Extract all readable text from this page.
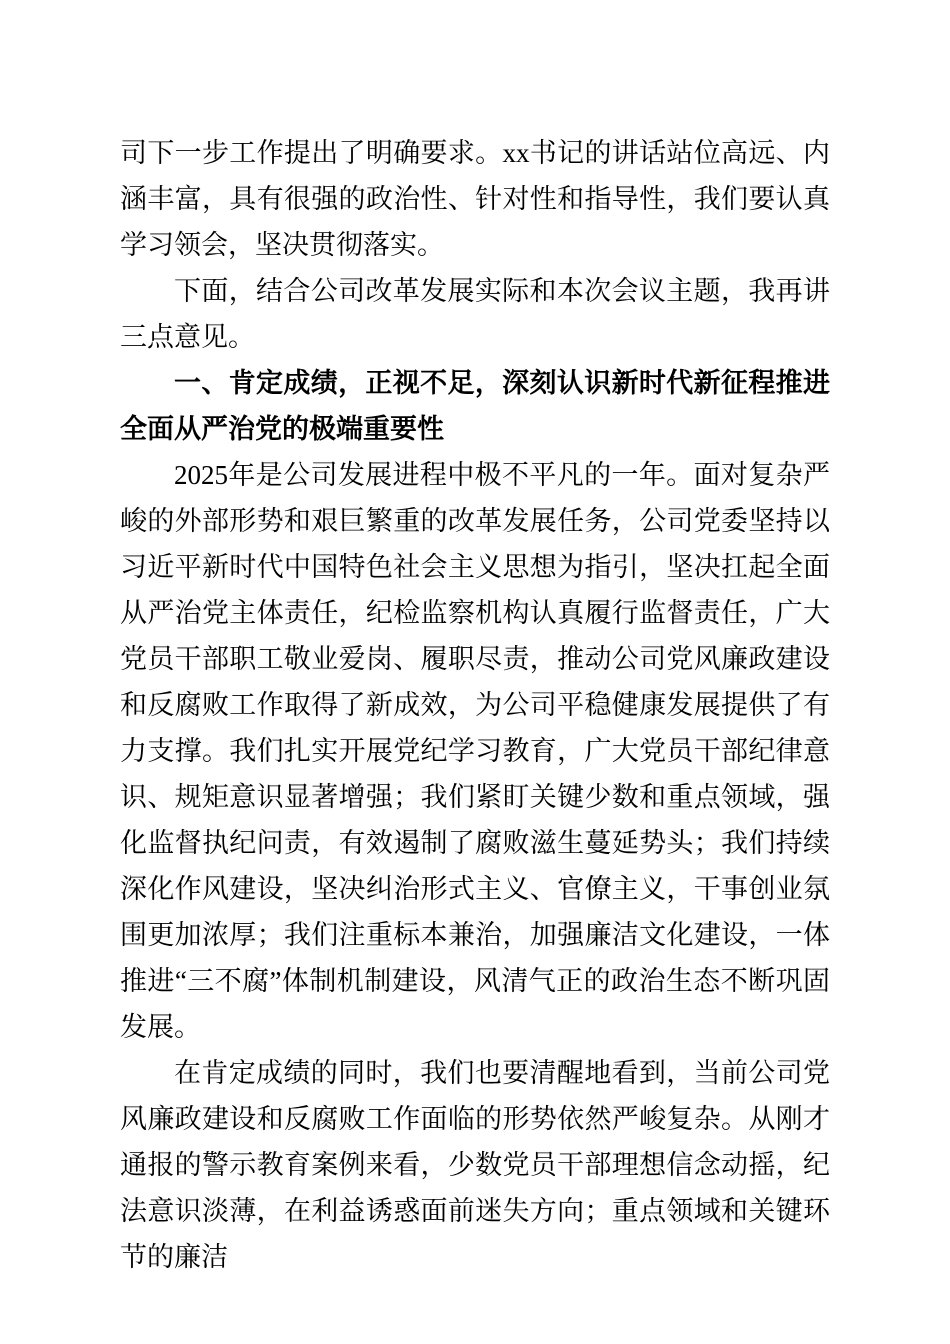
司下一步工作提出了明确要求。xx书记的讲话站位高远、内涵丰富，具有很强的政治性、针对性和指导性，我们要认真学习领会，坚决贯彻落实。

下面，结合公司改革发展实际和本次会议主题，我再讲三点意见。

一、肯定成绩，正视不足，深刻认识新时代新征程推进全面从严治党的极端重要性

2025年是公司发展进程中极不平凡的一年。面对复杂严峻的外部形势和艰巨繁重的改革发展任务，公司党委坚持以习近平新时代中国特色社会主义思想为指引，坚决扛起全面从严治党主体责任，纪检监察机构认真履行监督责任，广大党员干部职工敬业爱岗、履职尽责，推动公司党风廉政建设和反腐败工作取得了新成效，为公司平稳健康发展提供了有力支撑。我们扎实开展党纪学习教育，广大党员干部纪律意识、规矩意识显著增强；我们紧盯关键少数和重点领域，强化监督执纪问责，有效遏制了腐败滋生蔓延势头；我们持续深化作风建设，坚决纠治形式主义、官僚主义，干事创业氛围更加浓厚；我们注重标本兼治，加强廉洁文化建设，一体推进“三不腐”体制机制建设，风清气正的政治生态不断巩固发展。

在肯定成绩的同时，我们也要清醒地看到，当前公司党风廉政建设和反腐败工作面临的形势依然严峻复杂。从刚才通报的警示教育案例来看，少数党员干部理想信念动摇，纪法意识淡薄，在利益诱惑面前迷失方向；重点领域和关键环节的廉洁
